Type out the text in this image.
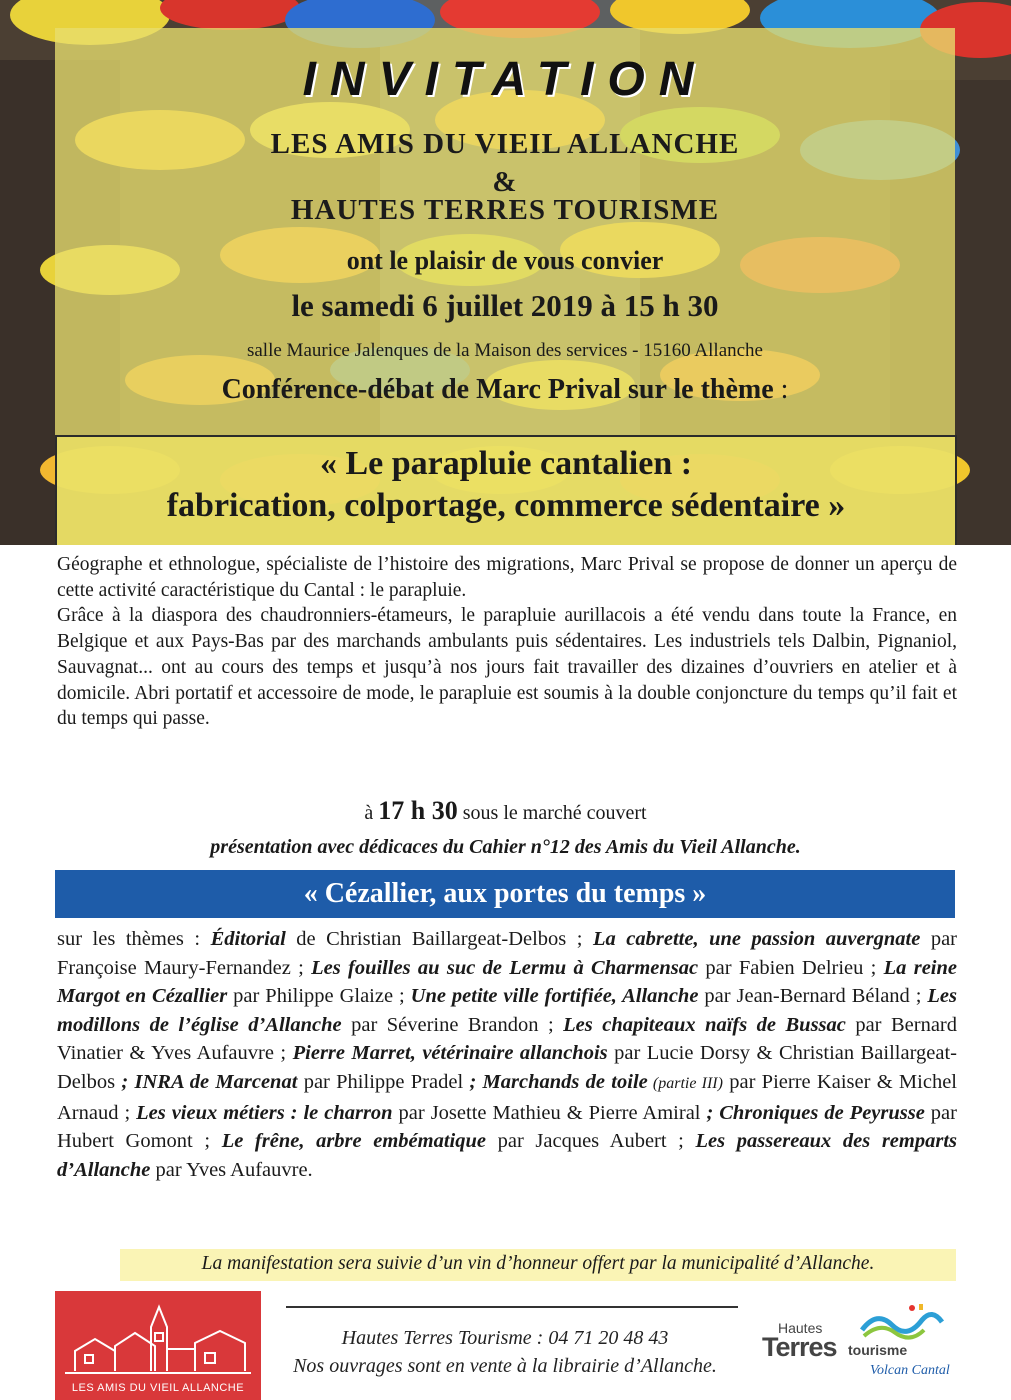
INVITATION
LES AMIS DU VIEIL ALLANCHE
&
HAUTES TERRES TOURISME
ont le plaisir de vous convier
le samedi 6 juillet 2019 à 15 h 30
salle Maurice Jalenques de la Maison des services - 15160 Allanche
Conférence-débat de Marc Prival sur le thème :
« Le parapluie cantalien :
fabrication, colportage, commerce sédentaire »
Géographe et ethnologue, spécialiste de l’histoire des migrations, Marc Prival se propose de donner un aperçu de cette activité caractéristique du Cantal : le parapluie.
Grâce à la diaspora des chaudronniers-étameurs, le parapluie aurillacois a été vendu dans toute la France, en Belgique et aux Pays-Bas par des marchands ambulants puis sédentaires. Les industriels tels Dalbin, Pignaniol, Sauvagnat... ont au cours des temps et jusqu’à nos jours fait travailler des dizaines d’ouvriers en atelier et à domicile. Abri portatif et accessoire de mode, le parapluie est soumis à la double conjoncture du temps qu’il fait et du temps qui passe.
à 17 h 30 sous le marché couvert
présentation avec dédicaces du Cahier n°12 des Amis du Vieil Allanche.
« Cézallier, aux portes du temps »
sur les thèmes : Éditorial de Christian Baillargeat-Delbos ; La cabrette, une passion auvergnate par Françoise Maury-Fernandez ; Les fouilles au suc de Lermu à Charmensac par Fabien Delrieu ; La reine Margot en Cézallier par Philippe Glaize ; Une petite ville fortifiée, Allanche par Jean-Bernard Béland ; Les modillons de l’église d’Allanche par Séverine Brandon ; Les chapiteaux naïfs de Bussac par Bernard Vinatier & Yves Aufauvre ; Pierre Marret, vétérinaire allanchois par Lucie Dorsy & Christian Baillargeat-Delbos ; INRA de Marcenat par Philippe Pradel ; Marchands de toile (partie III) par Pierre Kaiser & Michel Arnaud ; Les vieux métiers : le charron par Josette Mathieu & Pierre Amiral ; Chroniques de Peyrusse par Hubert Gomont ; Le frêne, arbre embématique par Jacques Aubert ; Les passereaux des remparts d’Allanche par Yves Aufauvre.
La manifestation sera suivie d’un vin d’honneur offert par la municipalité d’Allanche.
LES AMIS DU VIEIL ALLANCHE
Hautes Terres Tourisme : 04 71 20 48 43
Nos ouvrages sont en vente à la librairie d’Allanche.
Hautes
Terres tourisme
Volcan Cantal
